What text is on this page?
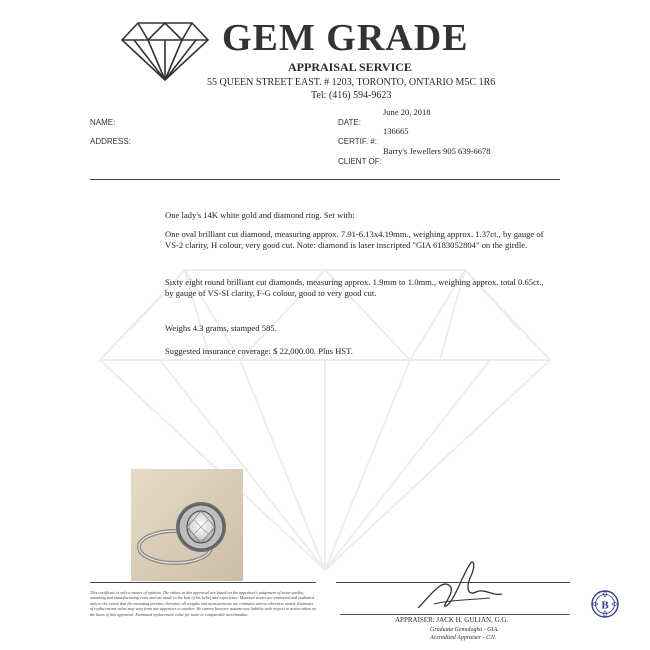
GEM GRADE
APPRAISAL SERVICE
55 QUEEN STREET EAST. # 1203, TORONTO, ONTARIO M5C 1R6
Tel: (416) 594-9623
NAME:
ADDRESS:
DATE:
CERTIF. #:
CLIENT OF:
June 20, 2018
136665
Barry's Jewellers 905 639-6678

One lady's 14K white gold and diamond ring. Set with:

One oval brilliant cut diamond, measuring approx. 7.91-6.13x4.19mm., weighing approx. 1.37ct., by gauge of VS-2 clarity, H colour, very good cut. Note: diamond is laser inscripted "GIA 6183052804" on the girdle.

Sixty eight round brilliant cut diamonds, measuring approx. 1.9mm to 1.0mm., weighing approx. total 0.65ct., by gauge of VS-SI clarity, F-G colour, good to very good cut.

Weighs 4.3 grams, stamped 585.

Suggested insurance coverage: $ 22,000.00. Plus HST.

This certificate is only a matter of opinion. The values in this appraisal are based on the appraiser's judgement of stone quality, mounting and manufacturing costs and are made to the best of his belief and experience. Mounted stones are examined and evaluated only to the extent that the mounting permits; therefore all weights and measurements are estimates unless otherwise stated. Estimates of replacements value may vary from one appraiser to another. We cannot however assume any liability with respect to action taken on the basis of this appraisal. Estimated replacement value for same or comparable merchandise.
APPRAISER: JACK H. GULIAN, G.G.
Graduate Gemologist - GIA.
Accredited Appraiser - CJI.
B
